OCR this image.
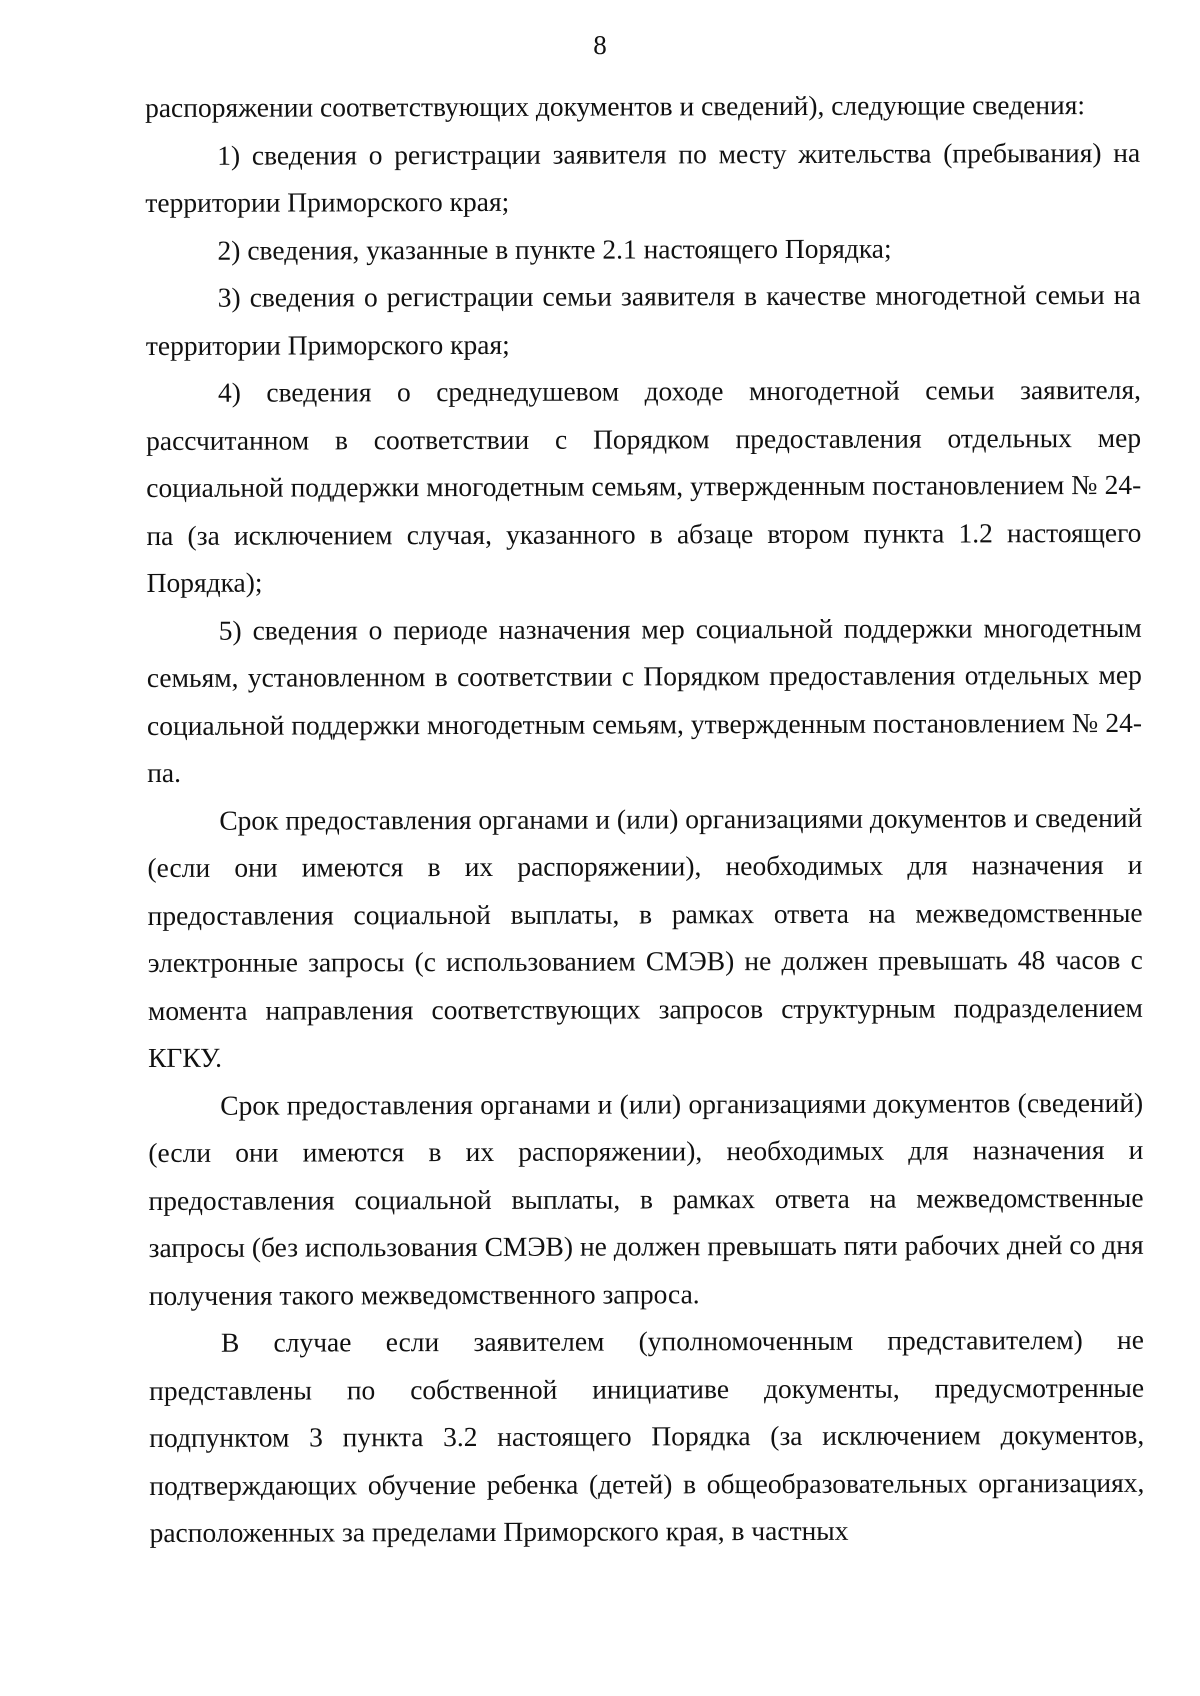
8

распоряжении соответствующих документов и сведений), следующие сведения:

1) сведения о регистрации заявителя по месту жительства (пребывания) на территории Приморского края;

2) сведения, указанные в пункте 2.1 настоящего Порядка;

3) сведения о регистрации семьи заявителя в качестве многодетной семьи на территории Приморского края;

4) сведения о среднедушевом доходе многодетной семьи заявителя, рассчитанном в соответствии с Порядком предоставления отдельных мер социальной поддержки многодетным семьям, утвержденным постановлением № 24-па (за исключением случая, указанного в абзаце втором пункта 1.2 настоящего Порядка);

5) сведения о периоде назначения мер социальной поддержки многодетным семьям, установленном в соответствии с Порядком предоставления отдельных мер социальной поддержки многодетным семьям, утвержденным постановлением № 24-па.

Срок предоставления органами и (или) организациями документов и сведений (если они имеются в их распоряжении), необходимых для назначения и предоставления социальной выплаты, в рамках ответа на межведомственные электронные запросы (с использованием СМЭВ) не должен превышать 48 часов с момента направления соответствующих запросов структурным подразделением КГКУ.

Срок предоставления органами и (или) организациями документов (сведений) (если они имеются в их распоряжении), необходимых для назначения и предоставления социальной выплаты, в рамках ответа на межведомственные запросы (без использования СМЭВ) не должен превышать пяти рабочих дней со дня получения такого межведомственного запроса.

В случае если заявителем (уполномоченным представителем) не представлены по собственной инициативе документы, предусмотренные подпунктом 3 пункта 3.2 настоящего Порядка (за исключением документов, подтверждающих обучение ребенка (детей) в общеобразовательных организациях, расположенных за пределами Приморского края, в частных
